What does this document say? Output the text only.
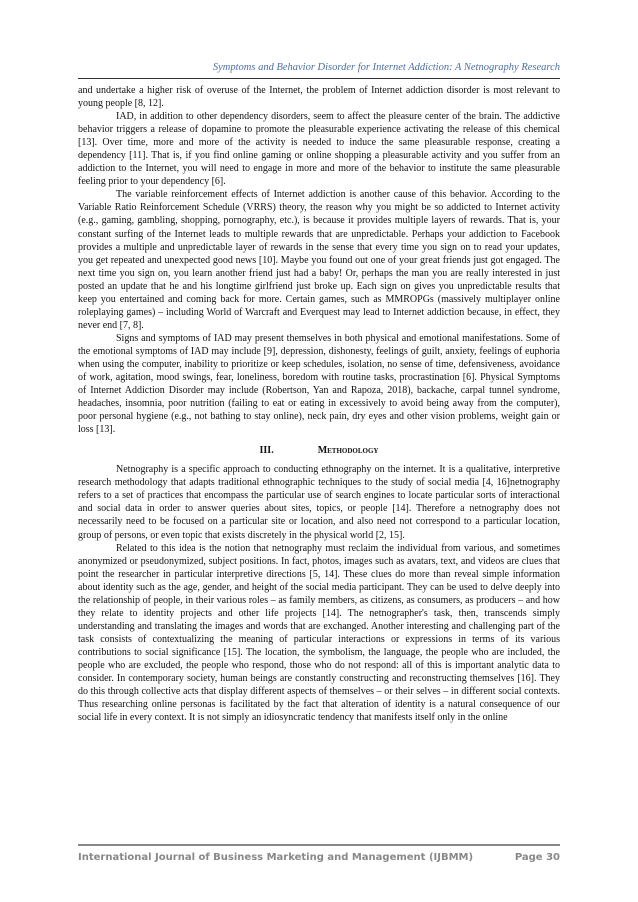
Symptoms and Behavior Disorder for Internet Addiction: A Netnography Research

and undertake a higher risk of overuse of the Internet, the problem of Internet addiction disorder is most relevant to young people [8, 12].

IAD, in addition to other dependency disorders, seem to affect the pleasure center of the brain. The addictive behavior triggers a release of dopamine to promote the pleasurable experience activating the release of this chemical [13]. Over time, more and more of the activity is needed to induce the same pleasurable response, creating a dependency [11]. That is, if you find online gaming or online shopping a pleasurable activity and you suffer from an addiction to the Internet, you will need to engage in more and more of the behavior to institute the same pleasurable feeling prior to your dependency [6].

The variable reinforcement effects of Internet addiction is another cause of this behavior. According to the Variable Ratio Reinforcement Schedule (VRRS) theory, the reason why you might be so addicted to Internet activity (e.g., gaming, gambling, shopping, pornography, etc.), is because it provides multiple layers of rewards. That is, your constant surfing of the Internet leads to multiple rewards that are unpredictable. Perhaps your addiction to Facebook provides a multiple and unpredictable layer of rewards in the sense that every time you sign on to read your updates, you get repeated and unexpected good news [10]. Maybe you found out one of your great friends just got engaged. The next time you sign on, you learn another friend just had a baby! Or, perhaps the man you are really interested in just posted an update that he and his longtime girlfriend just broke up. Each sign on gives you unpredictable results that keep you entertained and coming back for more. Certain games, such as MMROPGs (massively multiplayer online roleplaying games) – including World of Warcraft and Everquest may lead to Internet addiction because, in effect, they never end [7, 8].

Signs and symptoms of IAD may present themselves in both physical and emotional manifestations. Some of the emotional symptoms of IAD may include [9], depression, dishonesty, feelings of guilt, anxiety, feelings of euphoria when using the computer, inability to prioritize or keep schedules, isolation, no sense of time, defensiveness, avoidance of work, agitation, mood swings, fear, loneliness, boredom with routine tasks, procrastination [6]. Physical Symptoms of Internet Addiction Disorder may include (Robertson, Yan and Rapoza, 2018), backache, carpal tunnel syndrome, headaches, insomnia, poor nutrition (failing to eat or eating in excessively to avoid being away from the computer), poor personal hygiene (e.g., not bathing to stay online), neck pain, dry eyes and other vision problems, weight gain or loss [13].

III.	Methodology

Netnography is a specific approach to conducting ethnography on the internet. It is a qualitative, interpretive research methodology that adapts traditional ethnographic techniques to the study of social media [4, 16]netnography refers to a set of practices that encompass the particular use of search engines to locate particular sorts of interactional and social data in order to answer queries about sites, topics, or people [14]. Therefore a netnography does not necessarily need to be focused on a particular site or location, and also need not correspond to a particular location, group of persons, or even topic that exists discretely in the physical world [2, 15].

Related to this idea is the notion that netnography must reclaim the individual from various, and sometimes anonymized or pseudonymized, subject positions. In fact, photos, images such as avatars, text, and videos are clues that point the researcher in particular interpretive directions [5, 14]. These clues do more than reveal simple information about identity such as the age, gender, and height of the social media participant. They can be used to delve deeply into the relationship of people, in their various roles – as family members, as citizens, as consumers, as producers – and how they relate to identity projects and other life projects [14]. The netnographer's task, then, transcends simply understanding and translating the images and words that are exchanged. Another interesting and challenging part of the task consists of contextualizing the meaning of particular interactions or expressions in terms of its various contributions to social significance [15]. The location, the symbolism, the language, the people who are included, the people who are excluded, the people who respond, those who do not respond: all of this is important analytic data to consider. In contemporary society, human beings are constantly constructing and reconstructing themselves [16]. They do this through collective acts that display different aspects of themselves – or their selves – in different social contexts. Thus researching online personas is facilitated by the fact that alteration of identity is a natural consequence of our social life in every context. It is not simply an idiosyncratic tendency that manifests itself only in the online

International Journal of Business Marketing and Management (IJBMM)	Page 30
